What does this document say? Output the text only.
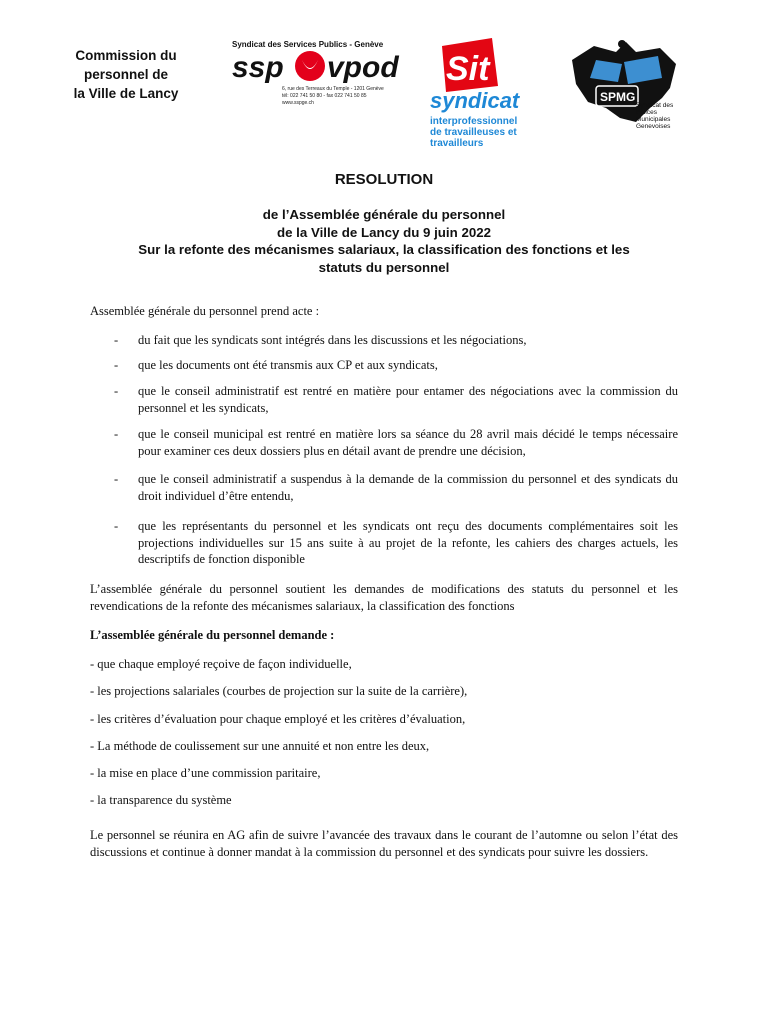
Commission du
personnel de
la Ville de Lancy
Syndicat des Services Publics - Genève
ssp vpod
6, rue des Terreaux du Temple - 1201 Genève
tél: 022 741 50 80 - fax 022 741 50 85
www.sspge.ch
Sit
syndicat
interprofessionnel
de travailleuses et
travailleurs
SPMG
Syndicat des
Polices
Municipales
Genevoises
RESOLUTION
de l’Assemblée générale du personnel
de la Ville de Lancy du 9 juin 2022
Sur la refonte des mécanismes salariaux, la classification des fonctions et les
statuts du personnel
Assemblée générale du personnel prend acte :
- du fait que les syndicats sont intégrés dans les discussions et les négociations,
- que les documents ont été transmis aux CP et aux syndicats,
- que le conseil administratif est rentré en matière pour entamer des négociations avec la commission du personnel et les syndicats,
- que le conseil municipal est rentré en matière lors sa séance du 28 avril mais décidé le temps nécessaire pour examiner ces deux dossiers plus en détail avant de prendre une décision,
- que le conseil administratif a suspendus à la demande de la commission du personnel et des syndicats du droit individuel d’être entendu,
- que les représentants du personnel et les syndicats ont reçu des documents complémentaires soit les projections individuelles sur 15 ans suite à au projet de la refonte, les cahiers des charges actuels, les descriptifs de fonction disponible
L’assemblée générale du personnel soutient les demandes de modifications des statuts du personnel et les revendications de la refonte des mécanismes salariaux, la classification des fonctions
L’assemblée générale du personnel demande :
- que chaque employé reçoive de façon individuelle,
- les projections salariales (courbes de projection sur la suite de la carrière),
- les critères d’évaluation pour chaque employé et les critères d’évaluation,
- La méthode de coulissement sur une annuité et non entre les deux,
- la mise en place d’une commission paritaire,
- la transparence du système
Le personnel se réunira en AG afin de suivre l’avancée des travaux dans le courant de l’automne ou selon l’état des discussions et continue à donner mandat à la commission du personnel et des syndicats pour suivre les dossiers.
